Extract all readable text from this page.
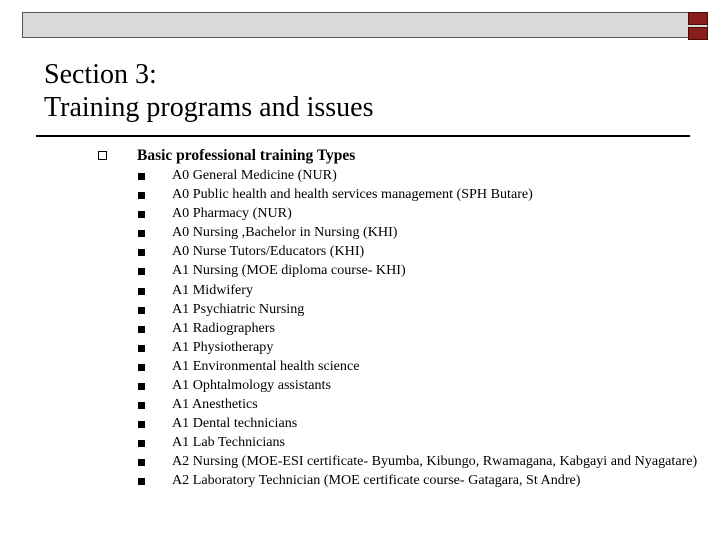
Section 3:
Training programs and issues
Basic professional training Types
A0 General Medicine (NUR)
A0 Public health and health services management (SPH Butare)
A0 Pharmacy (NUR)
A0 Nursing ,Bachelor in Nursing (KHI)
A0 Nurse Tutors/Educators (KHI)
A1 Nursing (MOE diploma course- KHI)
A1 Midwifery
A1 Psychiatric Nursing
A1 Radiographers
A1 Physiotherapy
A1 Environmental health science
A1 Ophtalmology assistants
A1 Anesthetics
A1 Dental technicians
A1 Lab Technicians
A2 Nursing (MOE-ESI certificate- Byumba, Kibungo, Rwamagana, Kabgayi and Nyagatare)
A2 Laboratory Technician (MOE certificate course- Gatagara, St Andre)
